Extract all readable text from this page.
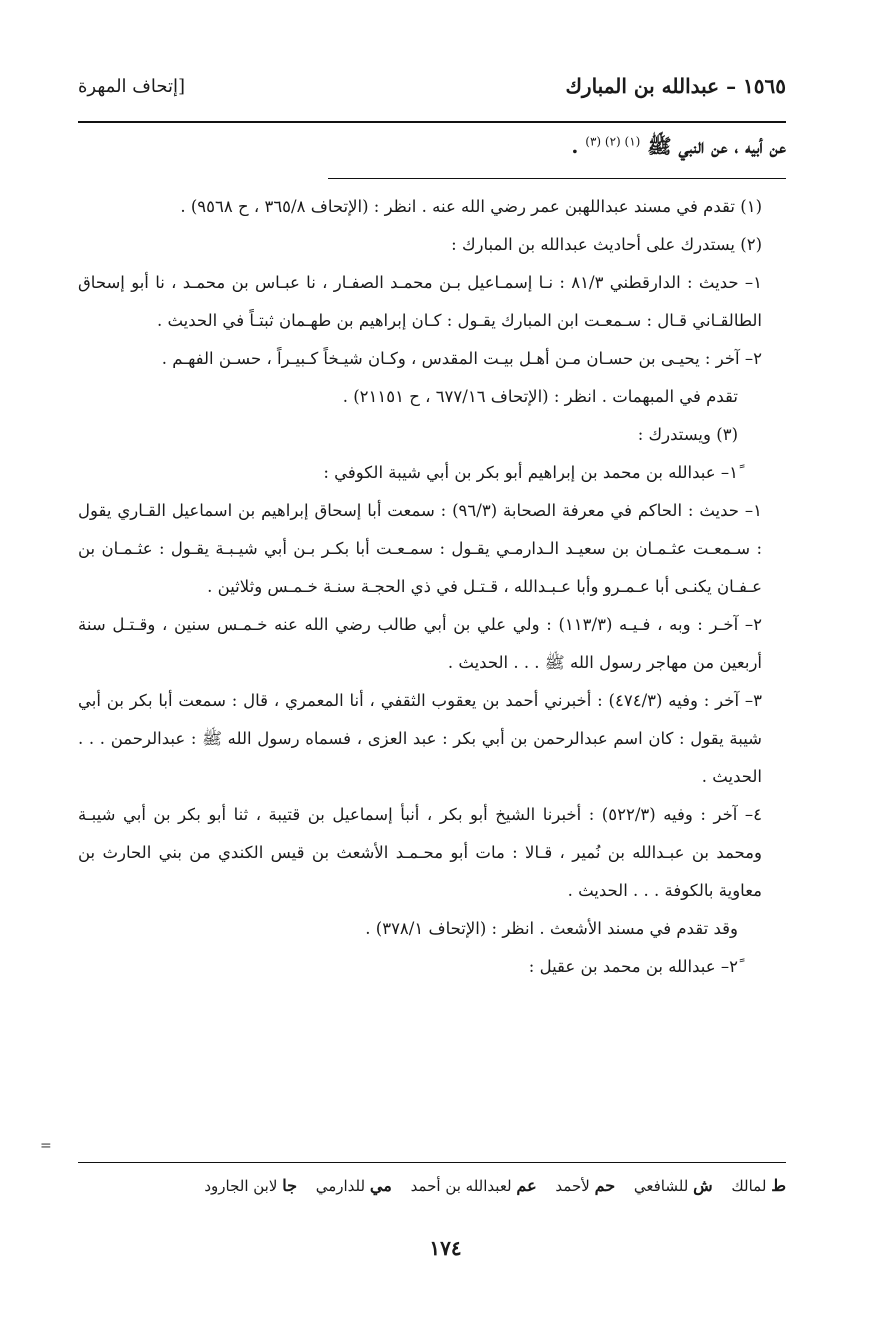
١٥٦٥ – عبدالله بن المبارك
[إتحاف المهرة
عن أبيه ، عن النبي ﷺ $^{(١) (٢) (٣)}$ .

(١) تقدم في مسند عبداللهبن عمر رضي الله عنه . انظر : (الإتحاف ٣٦٥/٨ ، ح ٩٥٦٨) .

(٢) يستدرك على أحاديث عبدالله بن المبارك :

١– حديث : الدارقطني ٨١/٣ : نـا إسمـاعيل بـن محمـد الصفـار ، نا عبـاس بن محمـد ، نا أبو إسحاق الطالقـاني قـال : سـمعـت ابن المبارك يقـول : كـان إبراهيم بن طهـمان ثبتـاً في الحديث .

٢– آخر : يحيـى بن حسـان مـن أهـل بيـت المقدس ، وكـان شيـخاً كـبيـراً ، حسـن الفهـم .

تقدم في المبهمات . انظر : (الإتحاف ٦٧٧/١٦ ، ح ٢١١٥١) .

(٣) ويستدرك :

١ً– عبدالله بن محمد بن إبراهيم أبو بكر بن أبي شيبة الكوفي :

١– حديث : الحاكم في معرفة الصحابة (٩٦/٣) : سمعت أبا إسحاق إبراهيم بن اسماعيل القـاري يقول : سـمعـت عثـمـان بن سعيـد الـدارمـي يقـول : سمـعـت أبا بكـر بـن أبي شيـبـة يقـول : عثـمـان بن عـفـان يكنـى أبا عـمـرو وأبا عـبـدالله ، قـتـل في ذي الحجـة سنـة خـمـس وثلاثين .

٢– آخـر : وبه ، فـيـه (١١٣/٣) : ولي علي بن أبي طالب رضي الله عنه خـمـس سنين ، وقـتـل سنة أربعين من مهاجر رسول الله ﷺ . . . الحديث .

٣– آخر : وفيه (٤٧٤/٣) : أخبرني أحمد بن يعقوب الثقفي ، أنا المعمري ، قال : سمعت أبا بكر بن أبي شيبة يقول : كان اسم عبدالرحمن بن أبي بكر : عبد العزى ، فسماه رسول الله ﷺ : عبدالرحمن . . . الحديث .

٤– آخر : وفيه (٥٢٢/٣) : أخبرنا الشيخ أبو بكر ، أنبأ إسماعيل بن قتيبة ، ثنا أبو بكر بن أبي شيبـة ومحمد بن عبـدالله بن نُمير ، قـالا : مات أبو محـمـد الأشعث بن قيس الكندي من بني الحارث بن معاوية بالكوفة . . . الحديث .

وقد تقدم في مسند الأشعث . انظر : (الإتحاف ٣٧٨/١) .

٢ً– عبدالله بن محمد بن عقيل :

=
ط لمالك ش للشافعي حم لأحمد عم لعبدالله بن أحمد مي للدارمي جا لابن الجارود
١٧٤
